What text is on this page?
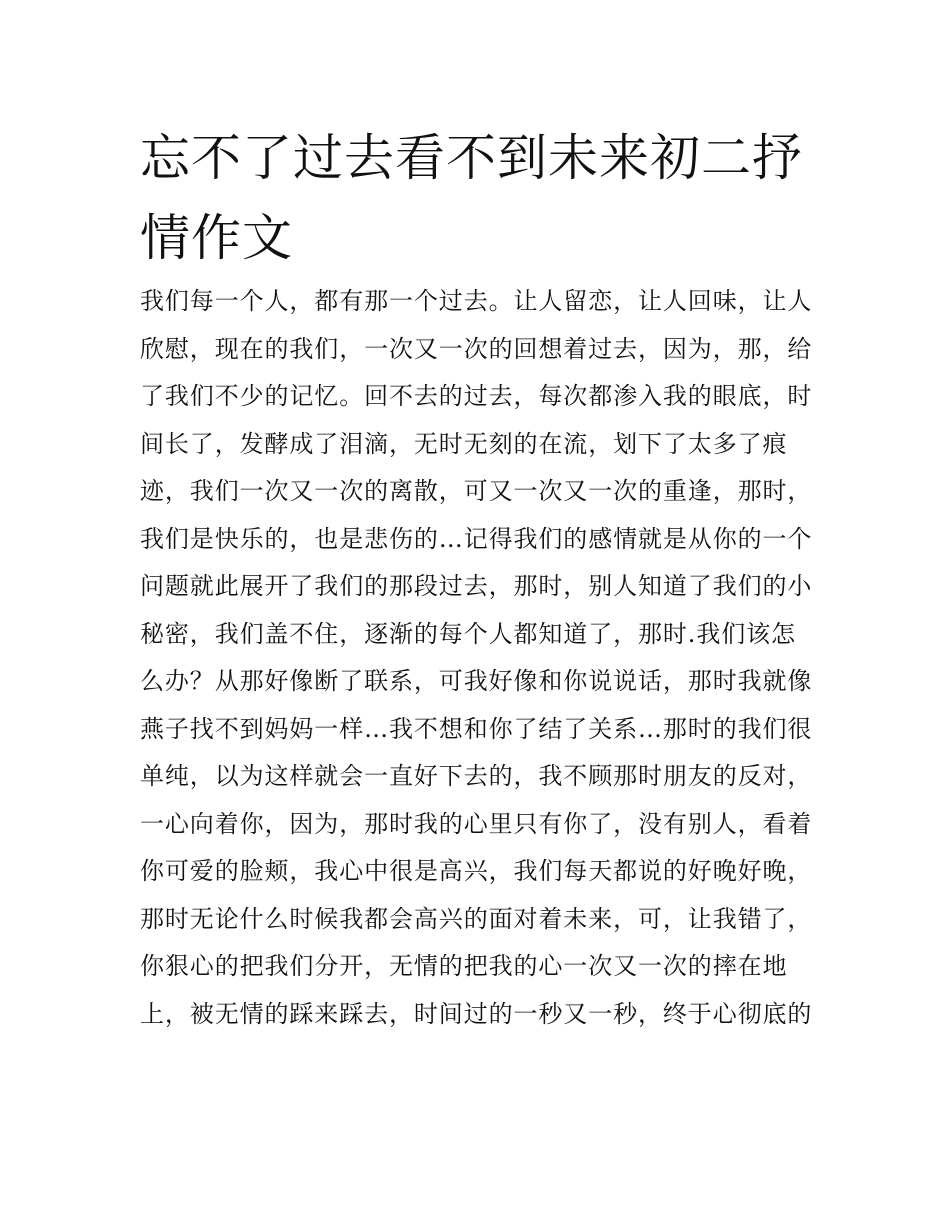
忘不了过去看不到未来初二抒
情作文
我们每一个人，都有那一个过去。让人留恋，让人回味，让人
欣慰，现在的我们，一次又一次的回想着过去，因为，那，给
了我们不少的记忆。回不去的过去，每次都渗入我的眼底，时
间长了，发酵成了泪滴，无时无刻的在流，划下了太多了痕
迹，我们一次又一次的离散，可又一次又一次的重逢，那时，
我们是快乐的，也是悲伤的…记得我们的感情就是从你的一个
问题就此展开了我们的那段过去，那时，别人知道了我们的小
秘密，我们盖不住，逐渐的每个人都知道了，那时.我们该怎
么办？从那好像断了联系，可我好像和你说说话，那时我就像
燕子找不到妈妈一样…我不想和你了结了关系…那时的我们很
单纯，以为这样就会一直好下去的，我不顾那时朋友的反对，
一心向着你，因为，那时我的心里只有你了，没有别人，看着
你可爱的脸颊，我心中很是高兴，我们每天都说的好晚好晚，
那时无论什么时候我都会高兴的面对着未来，可，让我错了，
你狠心的把我们分开，无情的把我的心一次又一次的摔在地
上，被无情的踩来踩去，时间过的一秒又一秒，终于心彻底的
